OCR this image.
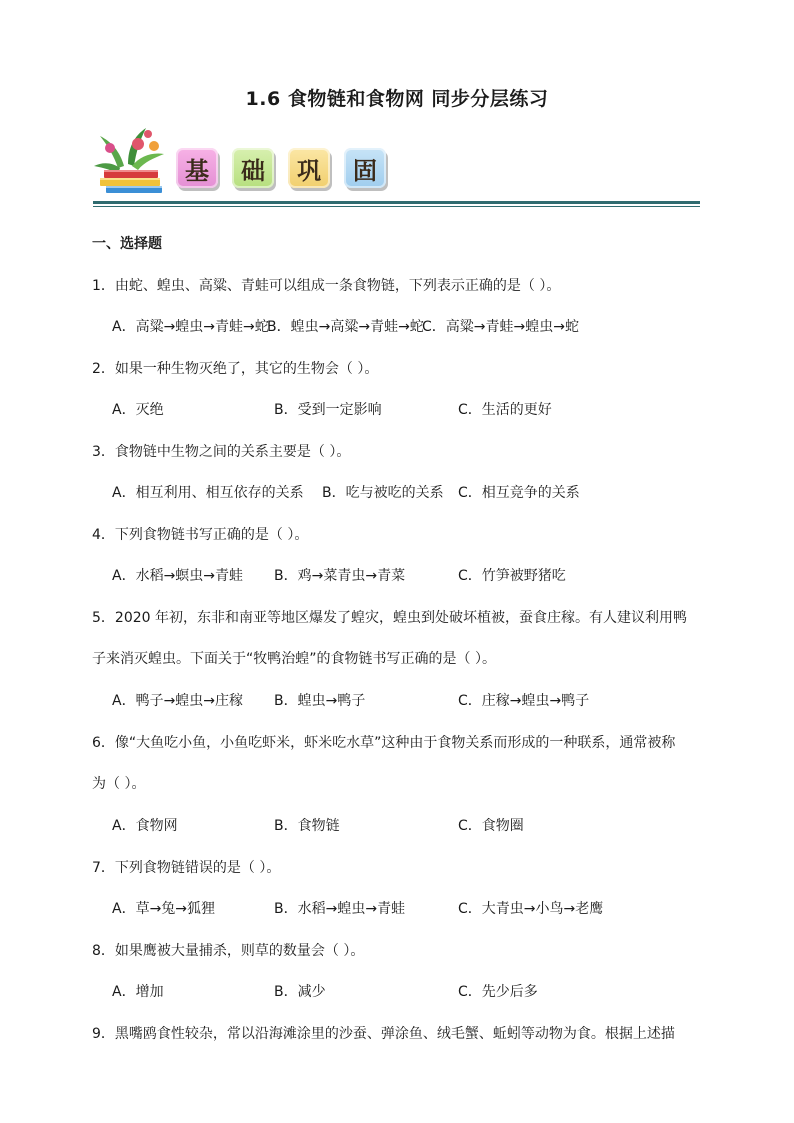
1.6 食物链和食物网 同步分层练习
基	础	巩	固
一、选择题
1．由蛇、蝗虫、高粱、青蛙可以组成一条食物链，下列表示正确的是（ ）。
A．高粱→蝗虫→青蛙→蛇
B．蝗虫→高粱→青蛙→蛇
C．高粱→青蛙→蝗虫→蛇
2．如果一种生物灭绝了，其它的生物会（ ）。
A．灭绝	B．受到一定影响	C．生活的更好
3．食物链中生物之间的关系主要是（ ）。
A．相互利用、相互依存的关系 B．吃与被吃的关系 C．相互竞争的关系
4．下列食物链书写正确的是（ ）。
A．水稻→螟虫→青蛙 B．鸡→菜青虫→青菜	C．竹笋被野猪吃
5．2020 年初，东非和南亚等地区爆发了蝗灾，蝗虫到处破坏植被，蚕食庄稼。有人建议利用鸭
子来消灭蝗虫。下面关于“牧鸭治蝗”的食物链书写正确的是（ ）。
A．鸭子→蝗虫→庄稼 B．蝗虫→鸭子	C．庄稼→蝗虫→鸭子
6．像“大鱼吃小鱼，小鱼吃虾米，虾米吃水草”这种由于食物关系而形成的一种联系，通常被称
为（ ）。
A．食物网	B．食物链	C．食物圈
7．下列食物链错误的是（ ）。
A．草→兔→狐狸	B．水稻→蝗虫→青蛙	C．大青虫→小鸟→老鹰
8．如果鹰被大量捕杀，则草的数量会（ ）。
A．增加	B．减少	C．先少后多
9．黑嘴鸥食性较杂，常以沿海滩涂里的沙蚕、弹涂鱼、绒毛蟹、蚯蚓等动物为食。根据上述描
